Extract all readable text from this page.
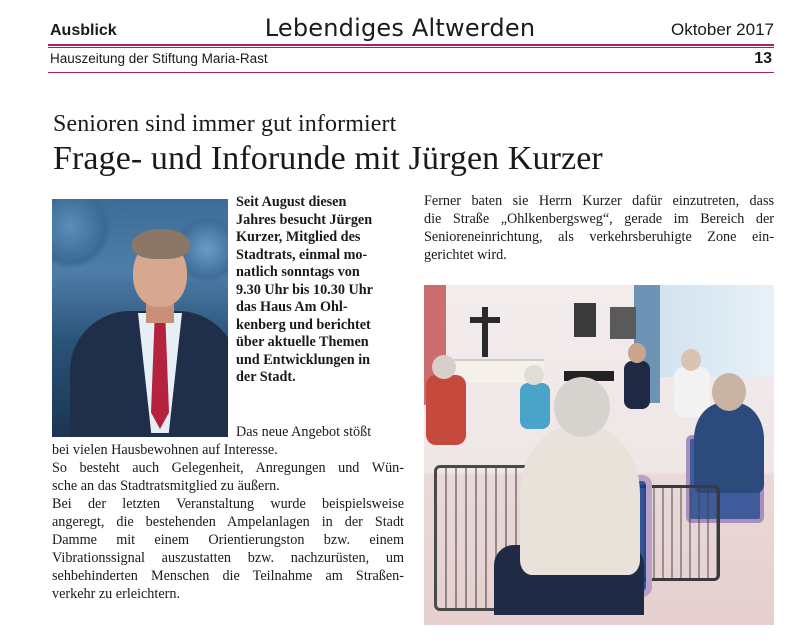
Ausblick	Lebendiges Altwerden	Oktober 2017
Hauszeitung der Stiftung Maria-Rast	13
Senioren sind immer gut informiert
Frage- und Inforunde mit Jürgen Kurzer
Seit August diesen
Jahres besucht Jürgen
Kurzer, Mitglied des
Stadtrats, einmal mo-
natlich sonntags von
9.30 Uhr bis 10.30 Uhr
das Haus Am Ohl-
kenberg und berichtet
über aktuelle Themen
und Entwicklungen in
der Stadt.
Das neue Angebot stößt
bei vielen Hausbewohnen auf Interesse.
So besteht auch Gelegenheit, Anregungen und Wün-
sche an das Stadtratsmitglied zu äußern.
Bei der letzten Veranstaltung wurde beispielsweise
angeregt, die bestehenden Ampelanlagen in der Stadt
Damme mit einem Orientierungston bzw. einem
Vibrationssignal auszustatten bzw. nachzurüsten, um
sehbehinderten Menschen die Teilnahme am Straßen-
verkehr zu erleichtern.
Ferner baten sie Herrn Kurzer dafür einzutreten, dass
die Straße „Ohlkenbergsweg“, gerade im Bereich der
Senioreneinrichtung, als verkehrsberuhigte Zone ein-
gerichtet wird.
